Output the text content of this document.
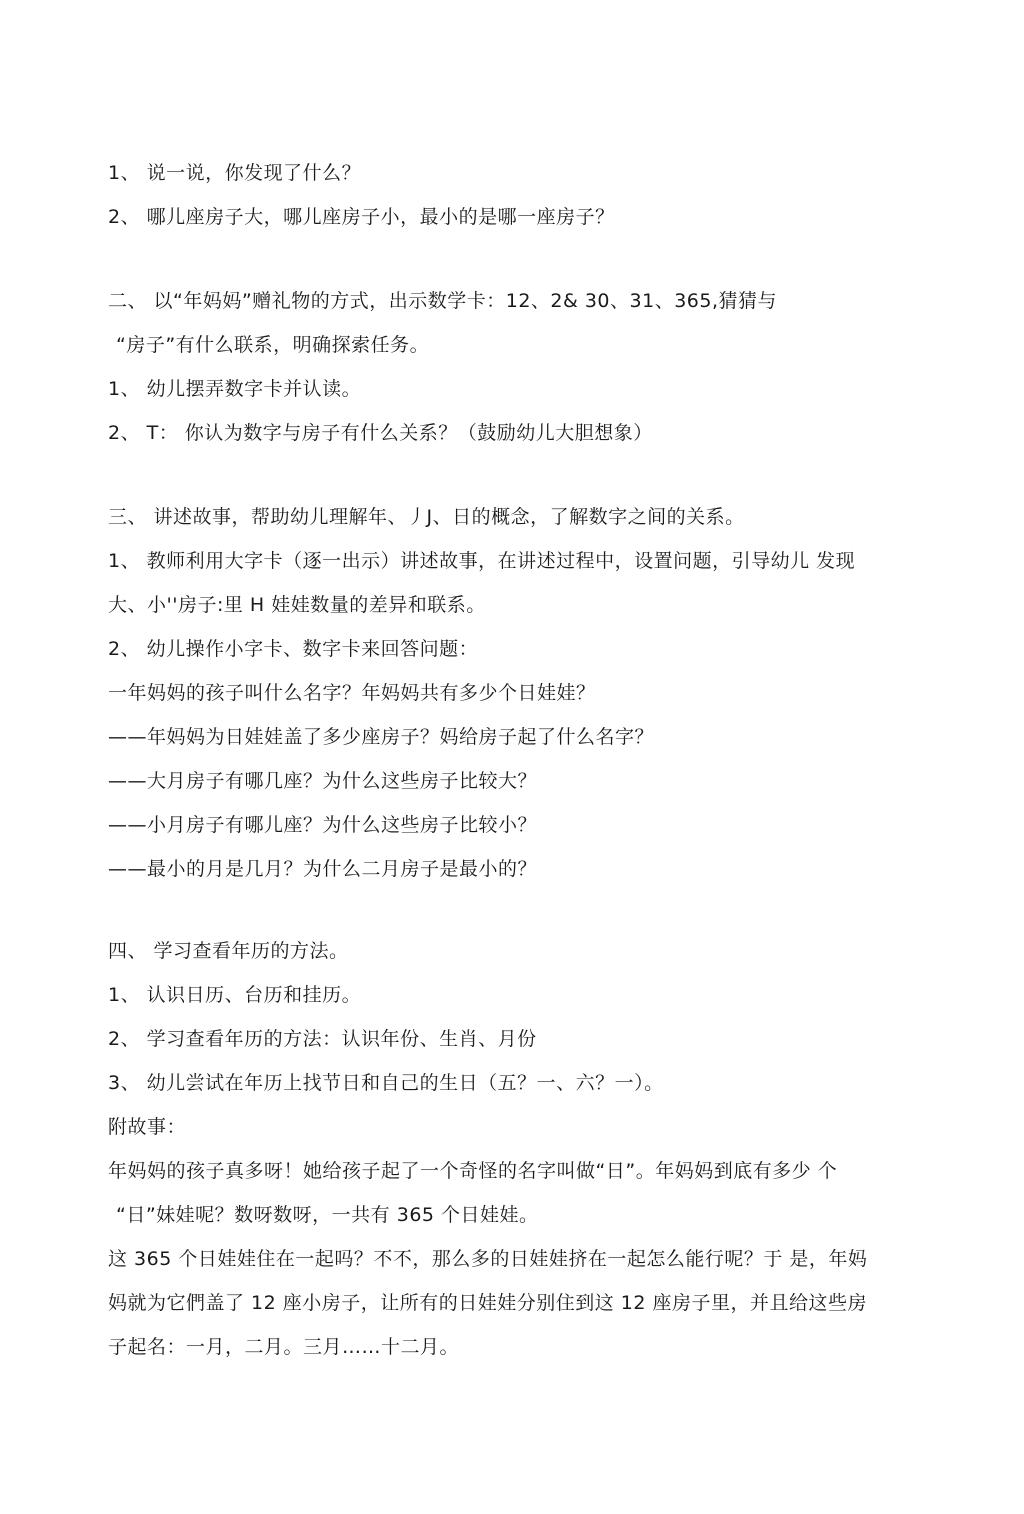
1、 说一说，你发现了什么？
2、 哪儿座房子大，哪儿座房子小，最小的是哪一座房子？
二、 以“年妈妈”赠礼物的方式，出示数学卡：12、2& 30、31、365,猜猜与
“房子”有什么联系，明确探索任务。
1、 幼儿摆弄数字卡并认读。
2、 T： 你认为数字与房子有什么关系？（鼓励幼儿大胆想象）
三、 讲述故事，帮助幼儿理解年、丿J、日的概念，了解数字之间的关系。
1、 教师利用大字卡（逐一出示）讲述故事，在讲述过程中，设置问题，引导幼儿 发现
大、小''房子:里 H 娃娃数量的差异和联系。
2、 幼儿操作小字卡、数字卡来回答问题：
一年妈妈的孩子叫什么名字？年妈妈共有多少个日娃娃？
——年妈妈为日娃娃盖了多少座房子？妈给房子起了什么名字？
——大月房子有哪几座？为什么这些房子比较大？
——小月房子有哪儿座？为什么这些房子比较小？
——最小的月是几月？为什么二月房子是最小的？
四、 学习查看年历的方法。
1、 认识日历、台历和挂历。
2、 学习查看年历的方法：认识年份、生肖、月份
3、 幼儿尝试在年历上找节日和自己的生日（五？一、六？一）。
附故事：
年妈妈的孩子真多呀！她给孩子起了一个奇怪的名字叫做“日”。年妈妈到底有多少 个
“日”妹娃呢？数呀数呀，一共有 365 个日娃娃。
这 365 个日娃娃住在一起吗？不不，那么多的日娃娃挤在一起怎么能行呢？于 是，年妈
妈就为它們盖了 12 座小房子，让所有的日娃娃分别住到这 12 座房子里，并且给这些房
子起名：一月，二月。三月……十二月。
